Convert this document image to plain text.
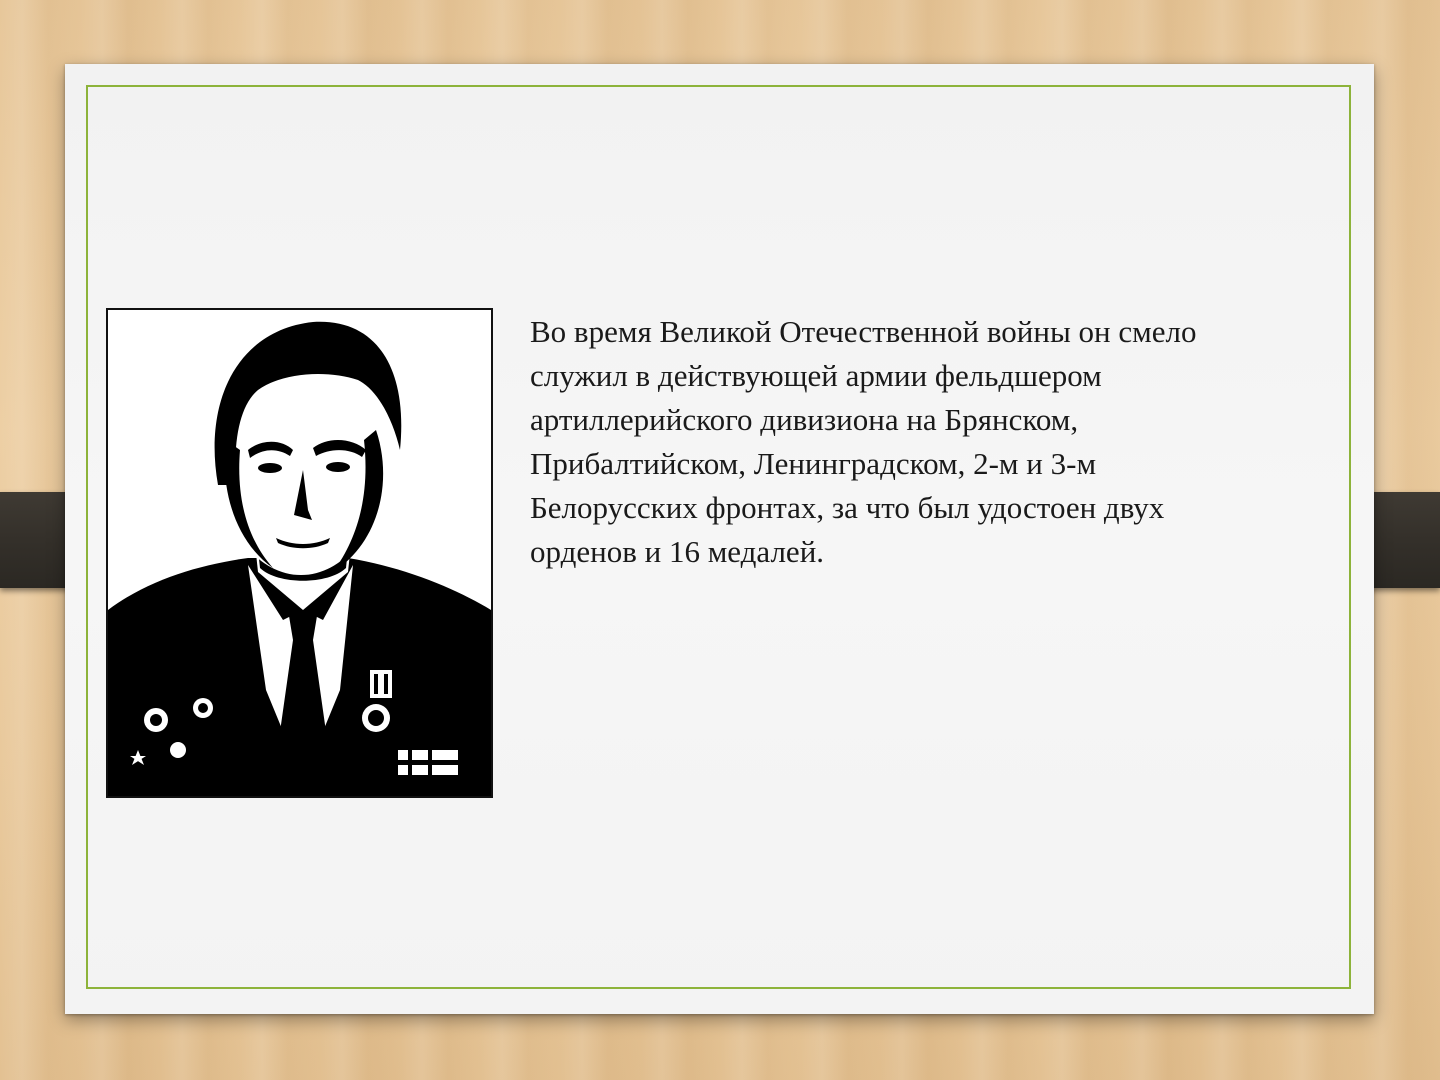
Во время Великой Отечественной войны он смело
служил в действующей армии фельдшером
артиллерийского дивизиона на Брянском,
Прибалтийском, Ленинградском, 2-м и 3-м
Белорусских фронтах, за что был удостоен двух
орденов и 16 медалей.
